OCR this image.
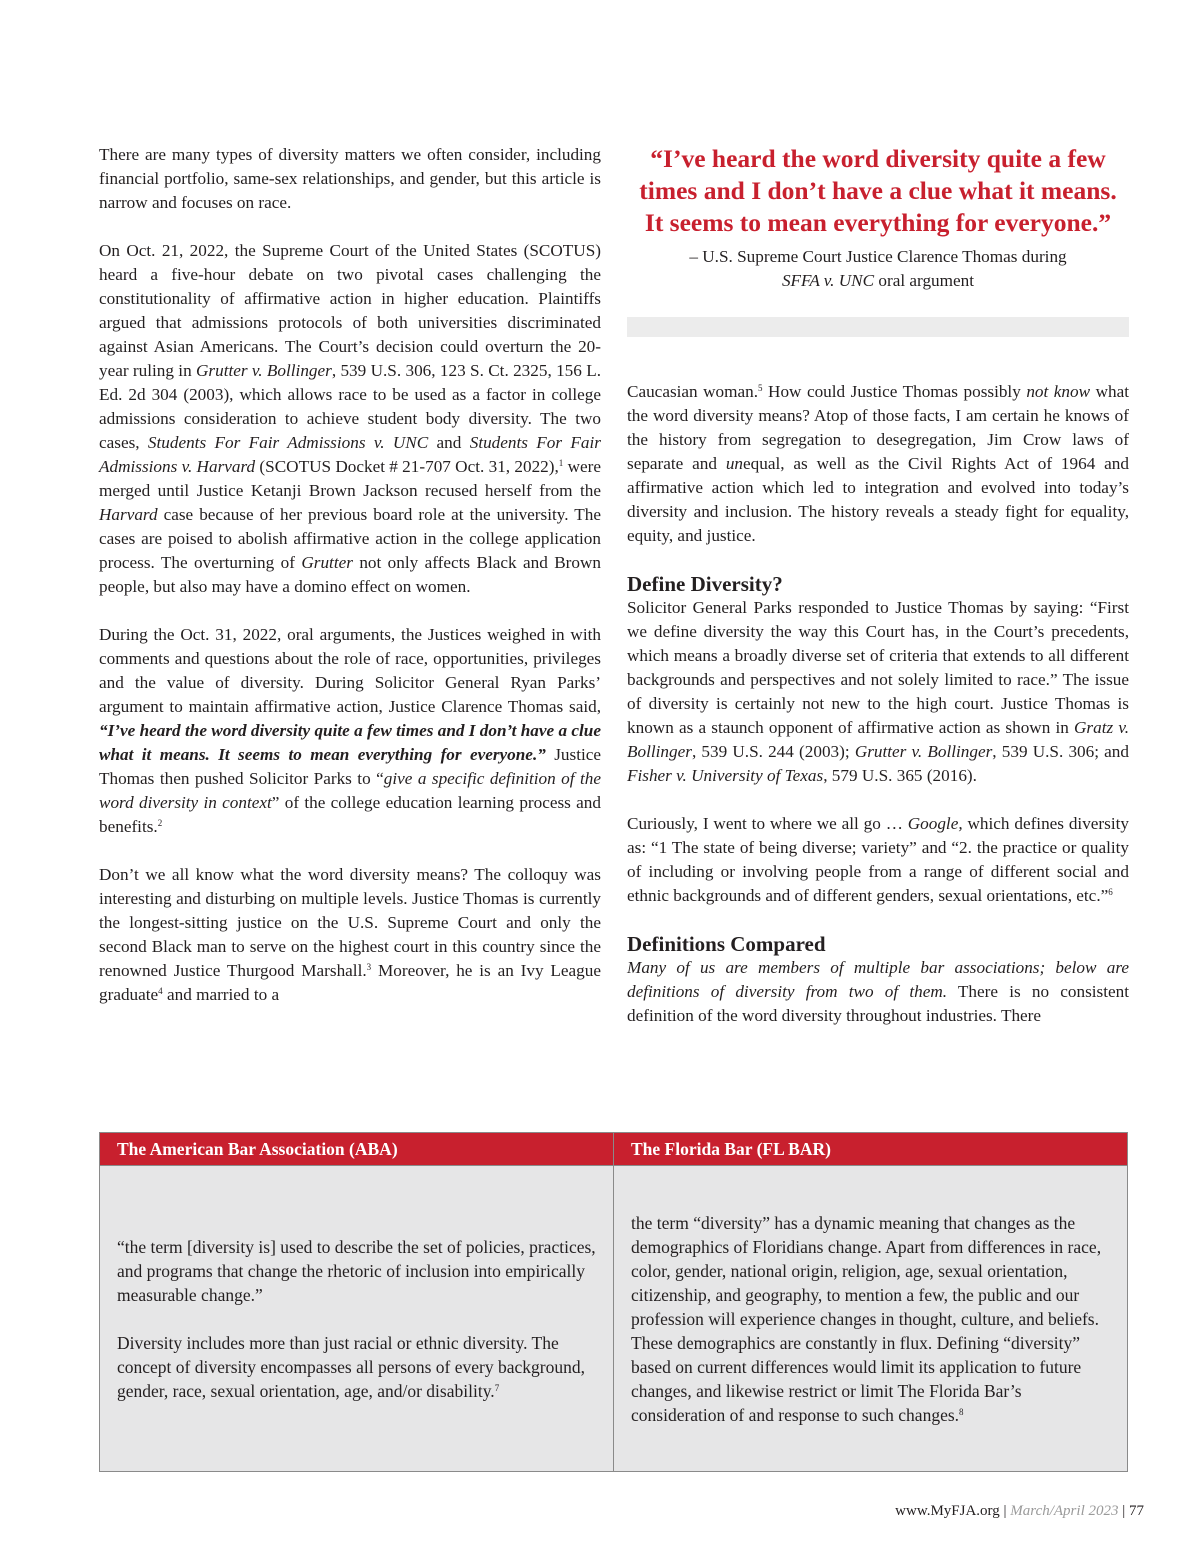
There are many types of diversity matters we often consider, including financial portfolio, same-sex relationships, and gender, but this article is narrow and focuses on race.

On Oct. 21, 2022, the Supreme Court of the United States (SCOTUS) heard a five-hour debate on two pivotal cases challenging the constitutionality of affirmative action in higher education. Plaintiffs argued that admissions protocols of both universities discriminated against Asian Americans. The Court’s decision could overturn the 20-year ruling in Grutter v. Bollinger, 539 U.S. 306, 123 S. Ct. 2325, 156 L. Ed. 2d 304 (2003), which allows race to be used as a factor in college admissions consideration to achieve student body diversity. The two cases, Students For Fair Admissions v. UNC and Students For Fair Admissions v. Harvard (SCOTUS Docket # 21-707 Oct. 31, 2022),$^1$ were merged until Justice Ketanji Brown Jackson recused herself from the Harvard case because of her previous board role at the university. The cases are poised to abolish affirmative action in the college application process. The overturning of Grutter not only affects Black and Brown people, but also may have a domino effect on women.

During the Oct. 31, 2022, oral arguments, the Justices weighed in with comments and questions about the role of race, opportunities, privileges and the value of diversity. During Solicitor General Ryan Parks’ argument to maintain affirmative action, Justice Clarence Thomas said, “I’ve heard the word diversity quite a few times and I don’t have a clue what it means. It seems to mean everything for everyone.” Justice Thomas then pushed Solicitor Parks to “give a specific definition of the word diversity in context” of the college education learning process and benefits.$^2$

Don’t we all know what the word diversity means? The colloquy was interesting and disturbing on multiple levels. Justice Thomas is currently the longest-sitting justice on the U.S. Supreme Court and only the second Black man to serve on the highest court in this country since the renowned Justice Thurgood Marshall.$^3$ Moreover, he is an Ivy League graduate$^4$ and married to a

“I’ve heard the word diversity quite a few times and I don’t have a clue what it means. It seems to mean everything for everyone.”

– U.S. Supreme Court Justice Clarence Thomas during
SFFA v. UNC oral argument

Caucasian woman.$^5$ How could Justice Thomas possibly not know what the word diversity means? Atop of those facts, I am certain he knows of the history from segregation to desegregation, Jim Crow laws of separate and unequal, as well as the Civil Rights Act of 1964 and affirmative action which led to integration and evolved into today’s diversity and inclusion. The history reveals a steady fight for equality, equity, and justice.

Define Diversity?

Solicitor General Parks responded to Justice Thomas by saying: “First we define diversity the way this Court has, in the Court’s precedents, which means a broadly diverse set of criteria that extends to all different backgrounds and perspectives and not solely limited to race.” The issue of diversity is certainly not new to the high court. Justice Thomas is known as a staunch opponent of affirmative action as shown in Gratz v. Bollinger, 539 U.S. 244 (2003); Grutter v. Bollinger, 539 U.S. 306; and Fisher v. University of Texas, 579 U.S. 365 (2016).

Curiously, I went to where we all go … Google, which defines diversity as: “1 The state of being diverse; variety” and “2. the practice or quality of including or involving people from a range of different social and ethnic backgrounds and of different genders, sexual orientations, etc.”$^6$

Definitions Compared

Many of us are members of multiple bar associations; below are definitions of diversity from two of them. There is no consistent definition of the word diversity throughout industries. There

The American Bar Association (ABA)

“the term [diversity is] used to describe the set of policies, practices, and programs that change the rhetoric of inclusion into empirically measurable change.”

Diversity includes more than just racial or ethnic diversity. The concept of diversity encompasses all persons of every background, gender, race, sexual orientation, age, and/or disability.$^7$

The Florida Bar (FL BAR)

the term “diversity” has a dynamic meaning that changes as the demographics of Floridians change. Apart from differences in race, color, gender, national origin, religion, age, sexual orientation, citizenship, and geography, to mention a few, the public and our profession will experience changes in thought, culture, and beliefs. These demographics are constantly in flux. Defining “diversity” based on current differences would limit its application to future changes, and likewise restrict or limit The Florida Bar’s consideration of and response to such changes.$^8$

www.MyFJA.org | March/April 2023 | 77
